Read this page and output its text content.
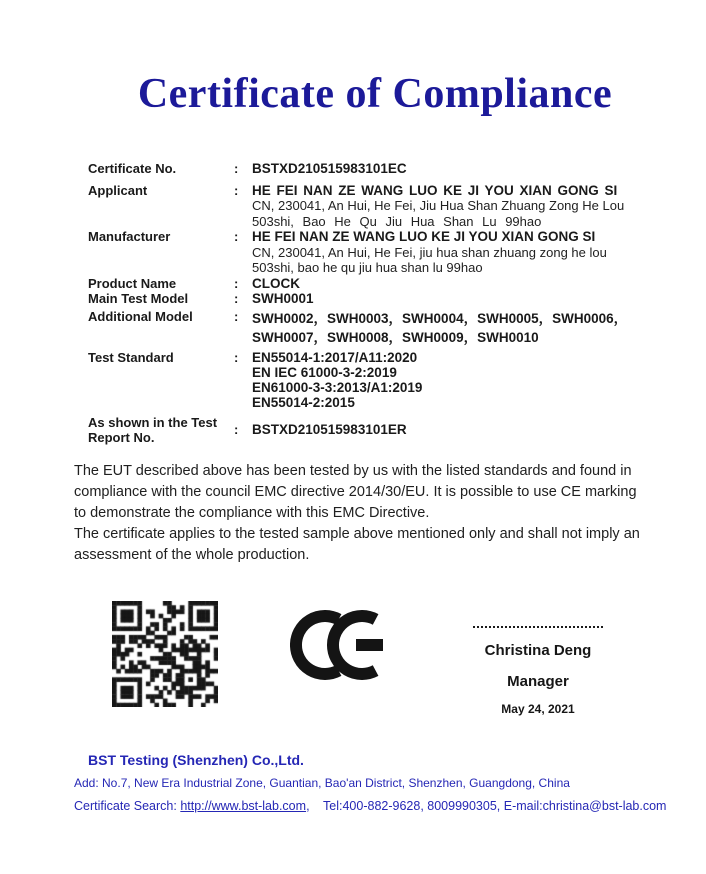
Certificate of Compliance
Certificate No.	:	BSTXD210515983101EC
Applicant	:	HE FEI NAN ZE WANG LUO KE JI YOU XIAN GONG SI
CN, 230041, An Hui, He Fei, Jiu Hua Shan Zhuang Zong He Lou
503shi, Bao He Qu Jiu Hua Shan Lu 99hao
Manufacturer	:	HE FEI NAN ZE WANG LUO KE JI YOU XIAN GONG SI
CN, 230041, An Hui, He Fei, jiu hua shan zhuang zong he lou
503shi, bao he qu jiu hua shan lu 99hao
Product Name	:	CLOCK
Main Test Model	:	SWH0001
Additional Model	:	SWH0002，SWH0003，SWH0004，SWH0005，SWH0006，
SWH0007，SWH0008，SWH0009，SWH0010
Test Standard	:	EN55014-1:2017/A11:2020
EN IEC 61000-3-2:2019
EN61000-3-3:2013/A1:2019
EN55014-2:2015
As shown in the Test Report No.
:	BSTXD210515983101ER
The EUT described above has been tested by us with the listed standards and found in compliance with the council EMC directive 2014/30/EU. It is possible to use CE marking to demonstrate the compliance with this EMC Directive.
The certificate applies to the tested sample above mentioned only and shall not imply an assessment of the whole production.
Christina Deng
Manager
May 24, 2021
BST Testing (Shenzhen) Co.,Ltd.
Add: No.7, New Era Industrial Zone, Guantian, Bao'an District, Shenzhen, Guangdong, China
Certificate Search: http://www.bst-lab.com, Tel:400-882-9628, 8009990305, E-mail:christina@bst-lab.com
